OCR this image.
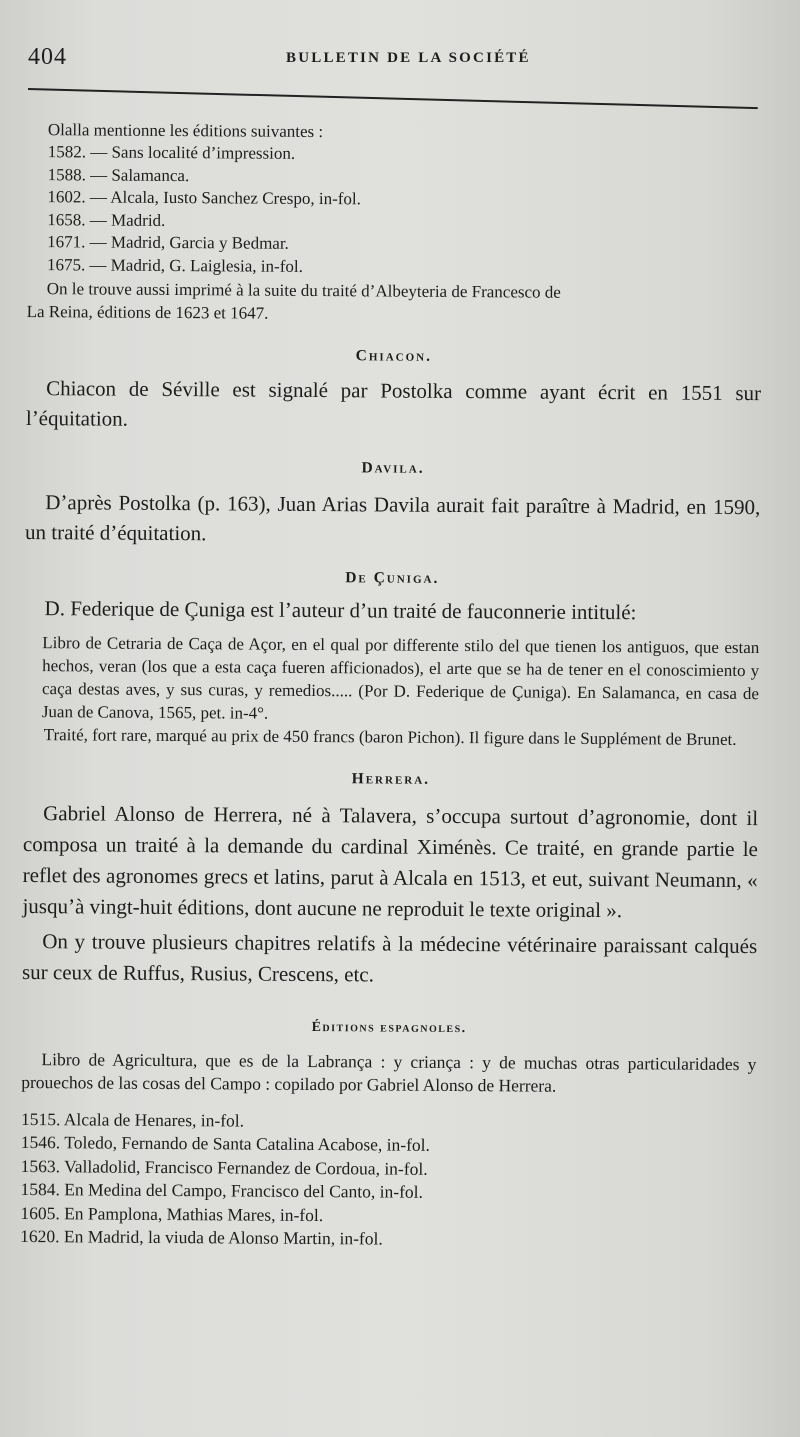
404	BULLETIN DE LA SOCIÉTÉ

Olalla mentionne les éditions suivantes :

1582. — Sans localité d’impression.
1588. — Salamanca.
1602. — Alcala, Iusto Sanchez Crespo, in-fol.
1658. — Madrid.
1671. — Madrid, Garcia y Bedmar.
1675. — Madrid, G. Laiglesia, in-fol.
On le trouve aussi imprimé à la suite du traité d’Albeyteria de Francesco de
La Reina, éditions de 1623 et 1647.
Chiacon.

Chiacon de Séville est signalé par Postolka comme ayant écrit en 1551 sur l’équitation.

Davila.

D’après Postolka (p. 163), Juan Arias Davila aurait fait paraître à Madrid, en 1590, un traité d’équitation.

De Çuniga.

D. Federique de Çuniga est l’auteur d’un traité de fauconnerie intitulé:

Libro de Cetraria de Caça de Açor, en el qual por differente stilo del que tienen los antiguos, que estan hechos, veran (los que a esta caça fueren afficionados), el arte que se ha de tener en el conoscimiento y caça destas aves, y sus curas, y remedios..... (Por D. Federique de Çuniga). En Salamanca, en casa de Juan de Canova, 1565, pet. in-4°.

Traité, fort rare, marqué au prix de 450 francs (baron Pichon). Il figure dans le Supplément de Brunet.

Herrera.

Gabriel Alonso de Herrera, né à Talavera, s’occupa surtout d’agronomie, dont il composa un traité à la demande du cardinal Ximénès. Ce traité, en grande partie le reflet des agronomes grecs et latins, parut à Alcala en 1513, et eut, suivant Neumann, « jusqu’à vingt-huit éditions, dont aucune ne reproduit le texte original ».

On y trouve plusieurs chapitres relatifs à la médecine vétérinaire paraissant calqués sur ceux de Ruffus, Rusius, Crescens, etc.

Éditions espagnoles.

Libro de Agricultura, que es de la Labrança : y criança : y de muchas otras particularidades y prouechos de las cosas del Campo : copilado por Gabriel Alonso de Herrera.

1515. Alcala de Henares, in-fol.
1546. Toledo, Fernando de Santa Catalina Acabose, in-fol.
1563. Valladolid, Francisco Fernandez de Cordoua, in-fol.
1584. En Medina del Campo, Francisco del Canto, in-fol.
1605. En Pamplona, Mathias Mares, in-fol.
1620. En Madrid, la viuda de Alonso Martin, in-fol.
